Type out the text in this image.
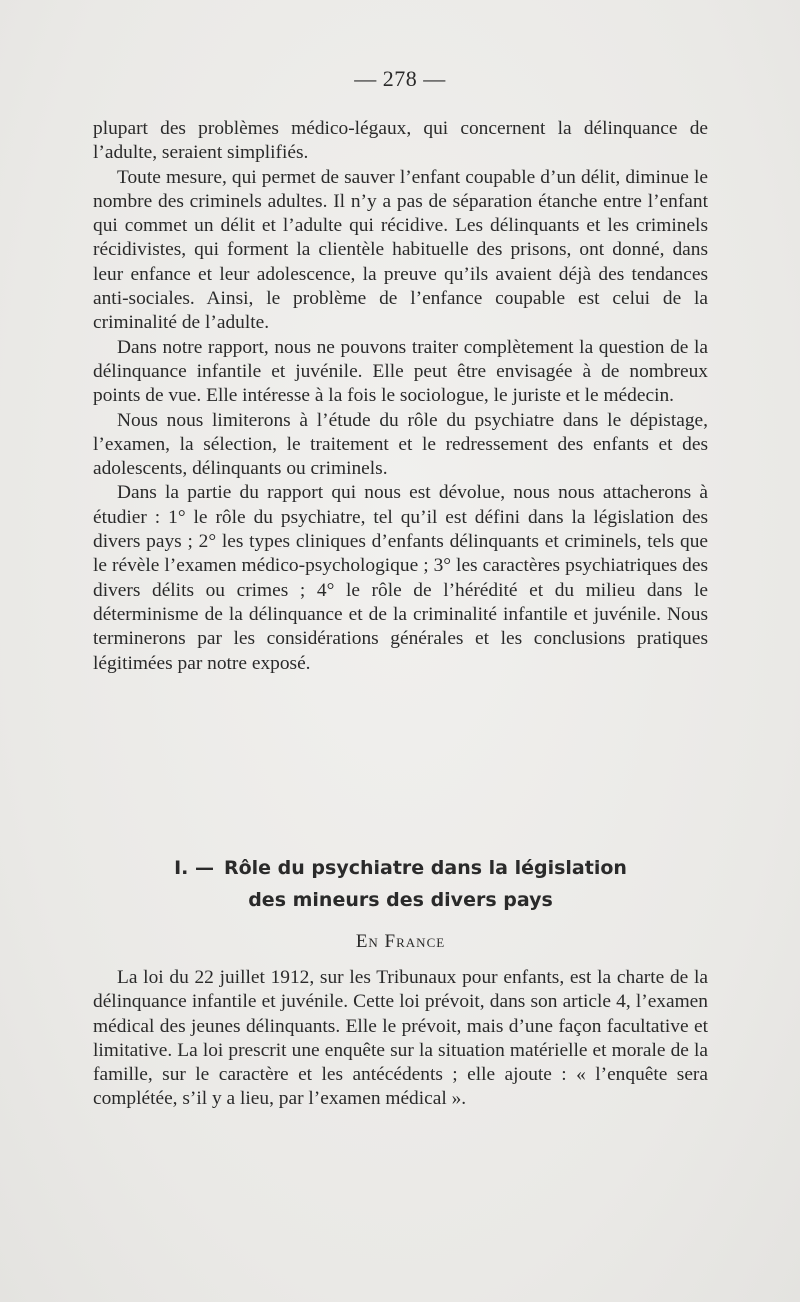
— 278 —

plupart des problèmes médico-légaux, qui concernent la délinquance de l’adulte, seraient simplifiés.

Toute mesure, qui permet de sauver l’enfant coupable d’un délit, diminue le nombre des criminels adultes. Il n’y a pas de séparation étanche entre l’enfant qui commet un délit et l’adulte qui récidive. Les délinquants et les criminels récidivistes, qui forment la clientèle habituelle des prisons, ont donné, dans leur enfance et leur adolescence, la preuve qu’ils avaient déjà des tendances anti-sociales. Ainsi, le problème de l’enfance coupable est celui de la criminalité de l’adulte.

Dans notre rapport, nous ne pouvons traiter complètement la question de la délinquance infantile et juvénile. Elle peut être envisagée à de nombreux points de vue. Elle intéresse à la fois le sociologue, le juriste et le médecin.

Nous nous limiterons à l’étude du rôle du psychiatre dans le dépistage, l’examen, la sélection, le traitement et le redressement des enfants et des adolescents, délinquants ou criminels.

Dans la partie du rapport qui nous est dévolue, nous nous attacherons à étudier : 1° le rôle du psychiatre, tel qu’il est défini dans la législation des divers pays ; 2° les types cliniques d’enfants délinquants et criminels, tels que le révèle l’examen médico-psychologique ; 3° les caractères psychiatriques des divers délits ou crimes ; 4° le rôle de l’hérédité et du milieu dans le déterminisme de la délinquance et de la criminalité infantile et juvénile. Nous terminerons par les considérations générales et les conclusions pratiques légitimées par notre exposé.

I. — Rôle du psychiatre dans la législation
des mineurs des divers pays
En France

La loi du 22 juillet 1912, sur les Tribunaux pour enfants, est la charte de la délinquance infantile et juvénile. Cette loi prévoit, dans son article 4, l’examen médical des jeunes délinquants. Elle le prévoit, mais d’une façon facultative et limitative. La loi prescrit une enquête sur la situation matérielle et morale de la famille, sur le caractère et les antécédents ; elle ajoute : « l’enquête sera complétée, s’il y a lieu, par l’examen médical ».
